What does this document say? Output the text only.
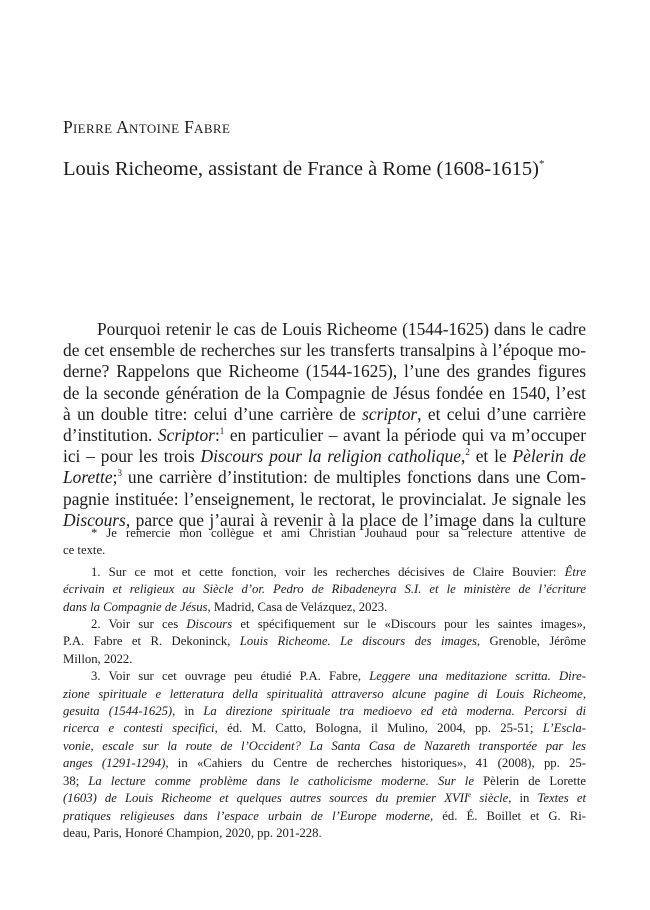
PIERRE ANTOINE FABRE
Louis Richeome, assistant de France à Rome (1608-1615)*
Pourquoi retenir le cas de Louis Richeome (1544-1625) dans le cadre
de cet ensemble de recherches sur les transferts transalpins à l’époque mo-
derne? Rappelons que Richeome (1544-1625), l’une des grandes figures
de la seconde génération de la Compagnie de Jésus fondée en 1540, l’est
à un double titre: celui d’une carrière de scriptor, et celui d’une carrière
d’institution. Scriptor:$^1$ en particulier – avant la période qui va m’occuper
ici – pour les trois Discours pour la religion catholique,$^2$ et le Pèlerin de
Lorette;$^3$ une carrière d’institution: de multiples fonctions dans une Com-
pagnie instituée: l’enseignement, le rectorat, le provincialat. Je signale les
Discours, parce que j’aurai à revenir à la place de l’image dans la culture
* Je remercie mon collègue et ami Christian Jouhaud pour sa relecture attentive de
ce texte.
1. Sur ce mot et cette fonction, voir les recherches décisives de Claire Bouvier: Être
écrivain et religieux au Siècle d’or. Pedro de Ribadeneyra S.I. et le ministère de l’écriture
dans la Compagnie de Jésus, Madrid, Casa de Velázquez, 2023.
2. Voir sur ces Discours et spécifiquement sur le «Discours pour les saintes images»,
P.A. Fabre et R. Dekoninck, Louis Richeome. Le discours des images, Grenoble, Jérôme
Millon, 2022.
3. Voir sur cet ouvrage peu étudié P.A. Fabre, Leggere una meditazione scritta. Dire-
zione spirituale e letteratura della spiritualità attraverso alcune pagine di Louis Richeome,
gesuita (1544-1625), in La direzione spirituale tra medioevo ed età moderna. Percorsi di
ricerca e contesti specifici, éd. M. Catto, Bologna, il Mulino, 2004, pp. 25-51; L’Escla-
vonie, escale sur la route de l’Occident? La Santa Casa de Nazareth transportée par les
anges (1291-1294), in «Cahiers du Centre de recherches historiques», 41 (2008), pp. 25-
38; La lecture comme problème dans le catholicisme moderne. Sur le Pèlerin de Lorette
(1603) de Louis Richeome et quelques autres sources du premier XVIIe siècle, in Textes et
pratiques religieuses dans l’espace urbain de l’Europe moderne, éd. É. Boillet et G. Ri-
deau, Paris, Honoré Champion, 2020, pp. 201-228.
